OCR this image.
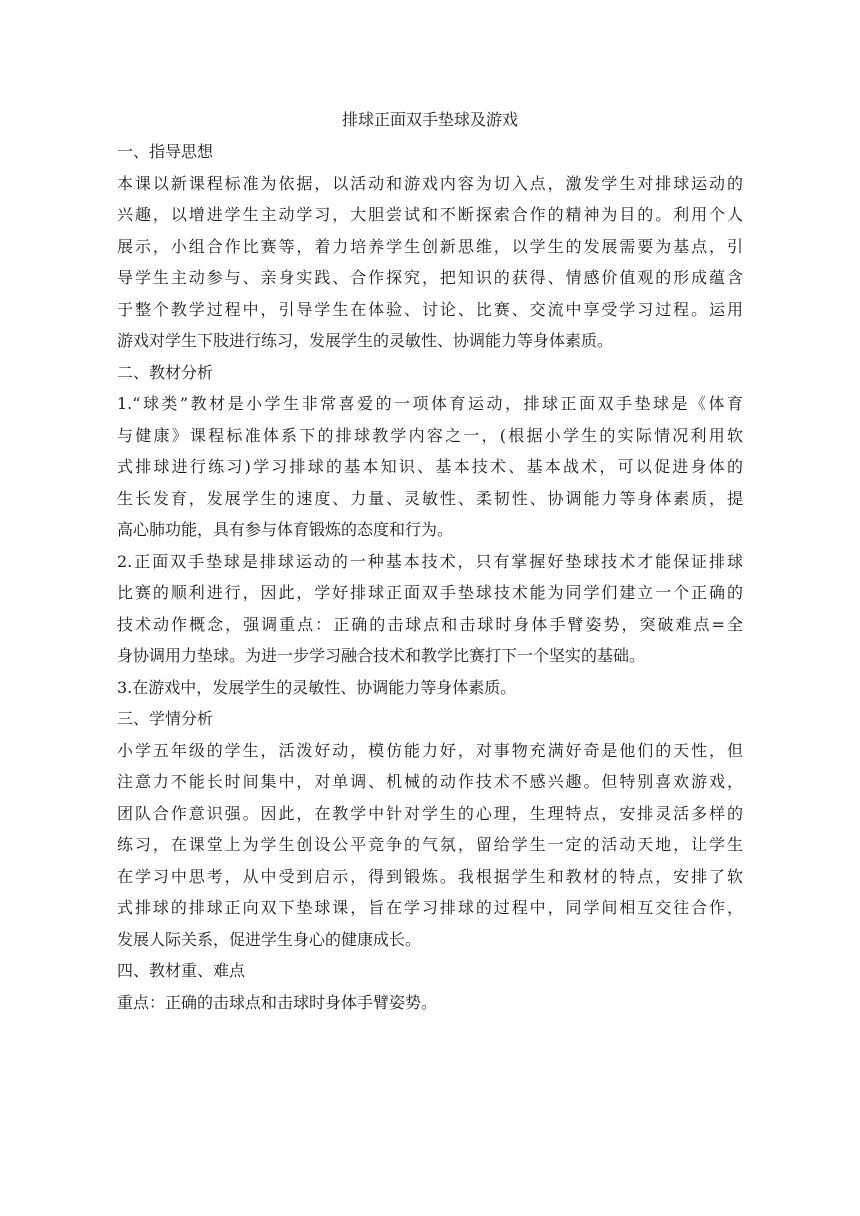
排球正面双手垫球及游戏

一、指导思想

本课以新课程标准为依据，以活动和游戏内容为切入点，激发学生对排球运动的

兴趣，以增进学生主动学习，大胆尝试和不断探索合作的精神为目的。利用个人

展示，小组合作比赛等，着力培养学生创新思维，以学生的发展需要为基点，引

导学生主动参与、亲身实践、合作探究，把知识的获得、情感价值观的形成蕴含

于整个教学过程中，引导学生在体验、讨论、比赛、交流中享受学习过程。运用

游戏对学生下肢进行练习，发展学生的灵敏性、协调能力等身体素质。

二、教材分析

1.“球类”教材是小学生非常喜爱的一项体育运动，排球正面双手垫球是《体育

与健康》课程标准体系下的排球教学内容之一，(根据小学生的实际情况利用软

式排球进行练习)学习排球的基本知识、基本技术、基本战术，可以促进身体的

生长发育，发展学生的速度、力量、灵敏性、柔韧性、协调能力等身体素质，提

高心肺功能，具有参与体育锻炼的态度和行为。

2.正面双手垫球是排球运动的一种基本技术，只有掌握好垫球技术才能保证排球

比赛的顺利进行，因此，学好排球正面双手垫球技术能为同学们建立一个正确的

技术动作概念，强调重点：正确的击球点和击球时身体手臂姿势，突破难点=全

身协调用力垫球。为进一步学习融合技术和教学比赛打下一个坚实的基础。

3.在游戏中，发展学生的灵敏性、协调能力等身体素质。

三、学情分析

小学五年级的学生，活泼好动，模仿能力好，对事物充满好奇是他们的天性，但

注意力不能长时间集中，对单调、机械的动作技术不感兴趣。但特别喜欢游戏，

团队合作意识强。因此，在教学中针对学生的心理，生理特点，安排灵活多样的

练习，在课堂上为学生创设公平竞争的气氛，留给学生一定的活动天地，让学生

在学习中思考，从中受到启示，得到锻炼。我根据学生和教材的特点，安排了软

式排球的排球正向双下垫球课，旨在学习排球的过程中，同学间相互交往合作，

发展人际关系，促进学生身心的健康成长。

四、教材重、难点

重点：正确的击球点和击球时身体手臂姿势。
